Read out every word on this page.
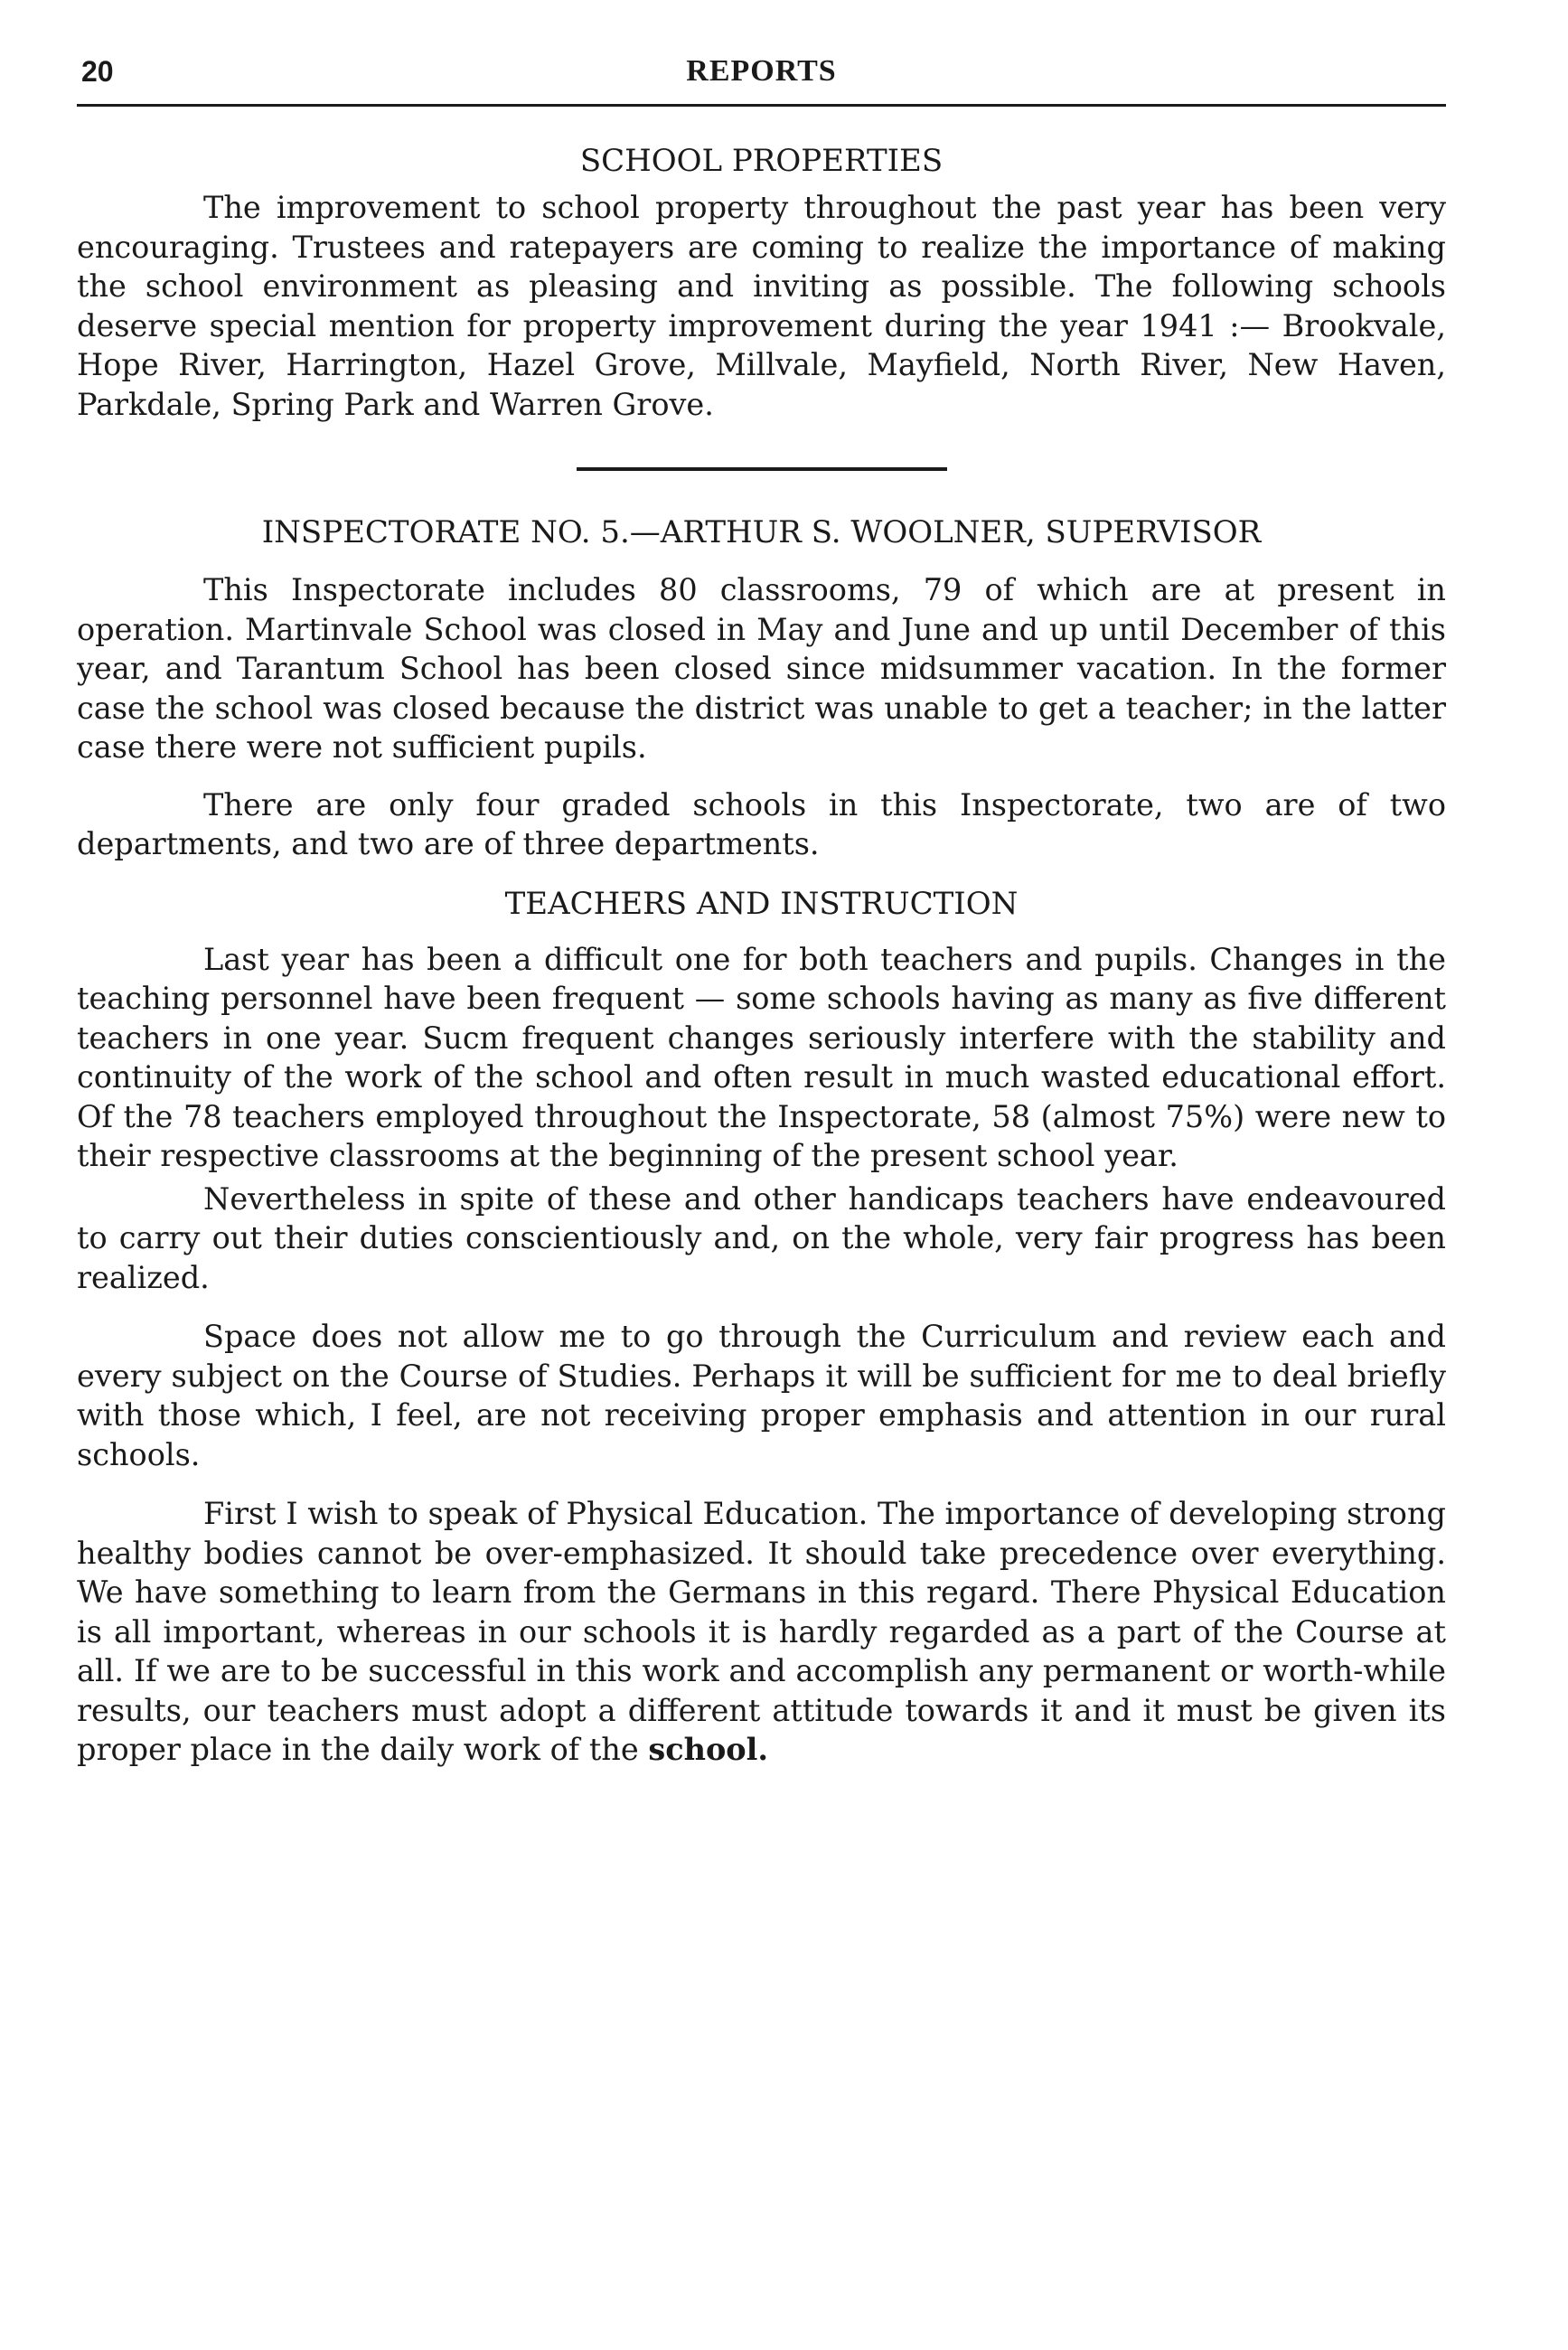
20	REPORTS
SCHOOL PROPERTIES

The improvement to school property throughout the past year has been very encouraging. Trustees and ratepayers are coming to realize the importance of making the school environment as pleasing and inviting as possible. The following schools deserve special mention for property improvement during the year 1941 :— Brookvale, Hope River, Harrington, Hazel Grove, Millvale, Mayfield, North River, New Haven, Parkdale, Spring Park and Warren Grove.

INSPECTORATE NO. 5.—ARTHUR S. WOOLNER, SUPERVISOR

This Inspectorate includes 80 classrooms, 79 of which are at present in operation. Martinvale School was closed in May and June and up until December of this year, and Tarantum School has been closed since midsummer vacation. In the former case the school was closed because the district was unable to get a teacher; in the latter case there were not sufficient pupils.

There are only four graded schools in this Inspectorate, two are of two departments, and two are of three departments.

TEACHERS AND INSTRUCTION

Last year has been a difficult one for both teachers and pupils. Changes in the teaching personnel have been frequent — some schools having as many as five different teachers in one year. Sucm frequent changes seriously interfere with the stability and continuity of the work of the school and often result in much wasted educational effort. Of the 78 teachers employed throughout the Inspectorate, 58 (almost 75%) were new to their respective classrooms at the beginning of the present school year.

Nevertheless in spite of these and other handicaps teachers have endeavoured to carry out their duties conscientiously and, on the whole, very fair progress has been realized.

Space does not allow me to go through the Curriculum and review each and every subject on the Course of Studies. Perhaps it will be sufficient for me to deal briefly with those which, I feel, are not receiving proper emphasis and attention in our rural schools.

First I wish to speak of Physical Education. The importance of developing strong healthy bodies cannot be over-emphasized. It should take precedence over everything. We have something to learn from the Germans in this regard. There Physical Education is all important, whereas in our schools it is hardly regarded as a part of the Course at all. If we are to be successful in this work and accomplish any permanent or worth-while results, our teachers must adopt a different attitude towards it and it must be given its proper place in the daily work of the school.
